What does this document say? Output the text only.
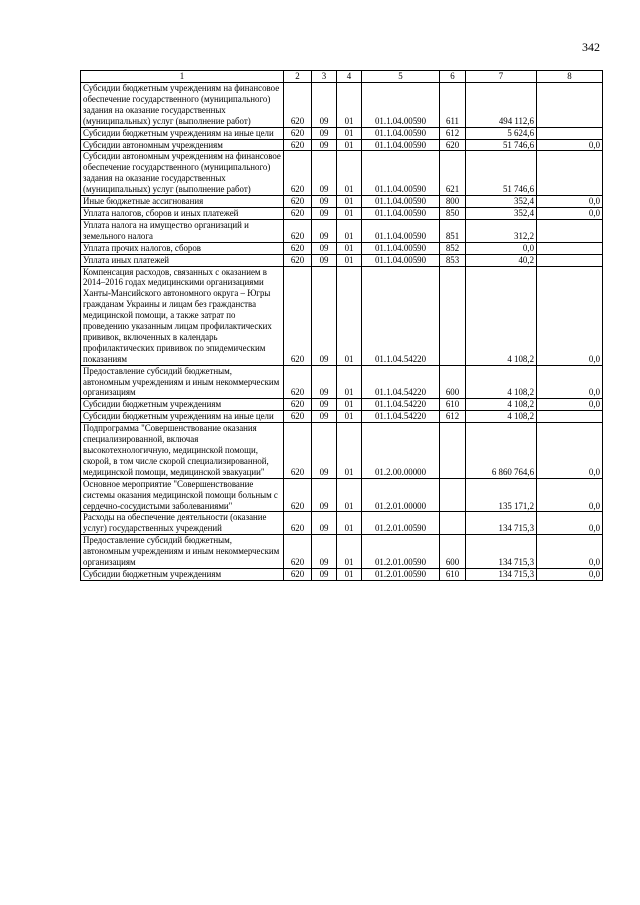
342
1	2	3	4	5	6	7	8
Субсидии бюджетным учреждениям на финансовое обеспечение государственного (муниципального) задания на оказание государственных (муниципальных) услуг (выполнение работ)	620	09	01	01.1.04.00590	611	494 112,6	
Субсидии бюджетным учреждениям на иные цели	620	09	01	01.1.04.00590	612	5 624,6	
Субсидии автономным учреждениям	620	09	01	01.1.04.00590	620	51 746,6	0,0
Субсидии автономным учреждениям на финансовое обеспечение государственного (муниципального) задания на оказание государственных (муниципальных) услуг (выполнение работ)	620	09	01	01.1.04.00590	621	51 746,6	
Иные бюджетные ассигнования	620	09	01	01.1.04.00590	800	352,4	0,0
Уплата налогов, сборов и иных платежей	620	09	01	01.1.04.00590	850	352,4	0,0
Уплата налога на имущество организаций и земельного налога	620	09	01	01.1.04.00590	851	312,2	
Уплата прочих налогов, сборов	620	09	01	01.1.04.00590	852	0,0	
Уплата иных платежей	620	09	01	01.1.04.00590	853	40,2	
Компенсация расходов, связанных с оказанием в 2014–2016 годах медицинскими организациями Ханты-Мансийского автономного округа – Югры гражданам Украины и лицам без гражданства медицинской помощи, а также затрат по проведению указанным лицам профилактических прививок, включенных в календарь профилактических прививок по эпидемическим показаниям	620	09	01	01.1.04.54220		4 108,2	0,0
Предоставление субсидий бюджетным, автономным учреждениям и иным некоммерческим организациям	620	09	01	01.1.04.54220	600	4 108,2	0,0
Субсидии бюджетным учреждениям	620	09	01	01.1.04.54220	610	4 108,2	0,0
Субсидии бюджетным учреждениям на иные цели	620	09	01	01.1.04.54220	612	4 108,2	
Подпрограмма "Совершенствование оказания специализированной, включая высокотехнологичную, медицинской помощи, скорой, в том числе скорой специализированной, медицинской помощи, медицинской эвакуации"	620	09	01	01.2.00.00000		6 860 764,6	0,0
Основное мероприятие "Совершенствование системы оказания медицинской помощи больным с сердечно-сосудистыми заболеваниями"	620	09	01	01.2.01.00000		135 171,2	0,0
Расходы на обеспечение деятельности (оказание услуг) государственных учреждений	620	09	01	01.2.01.00590		134 715,3	0,0
Предоставление субсидий бюджетным, автономным учреждениям и иным некоммерческим организациям	620	09	01	01.2.01.00590	600	134 715,3	0,0
Субсидии бюджетным учреждениям	620	09	01	01.2.01.00590	610	134 715,3	0,0
